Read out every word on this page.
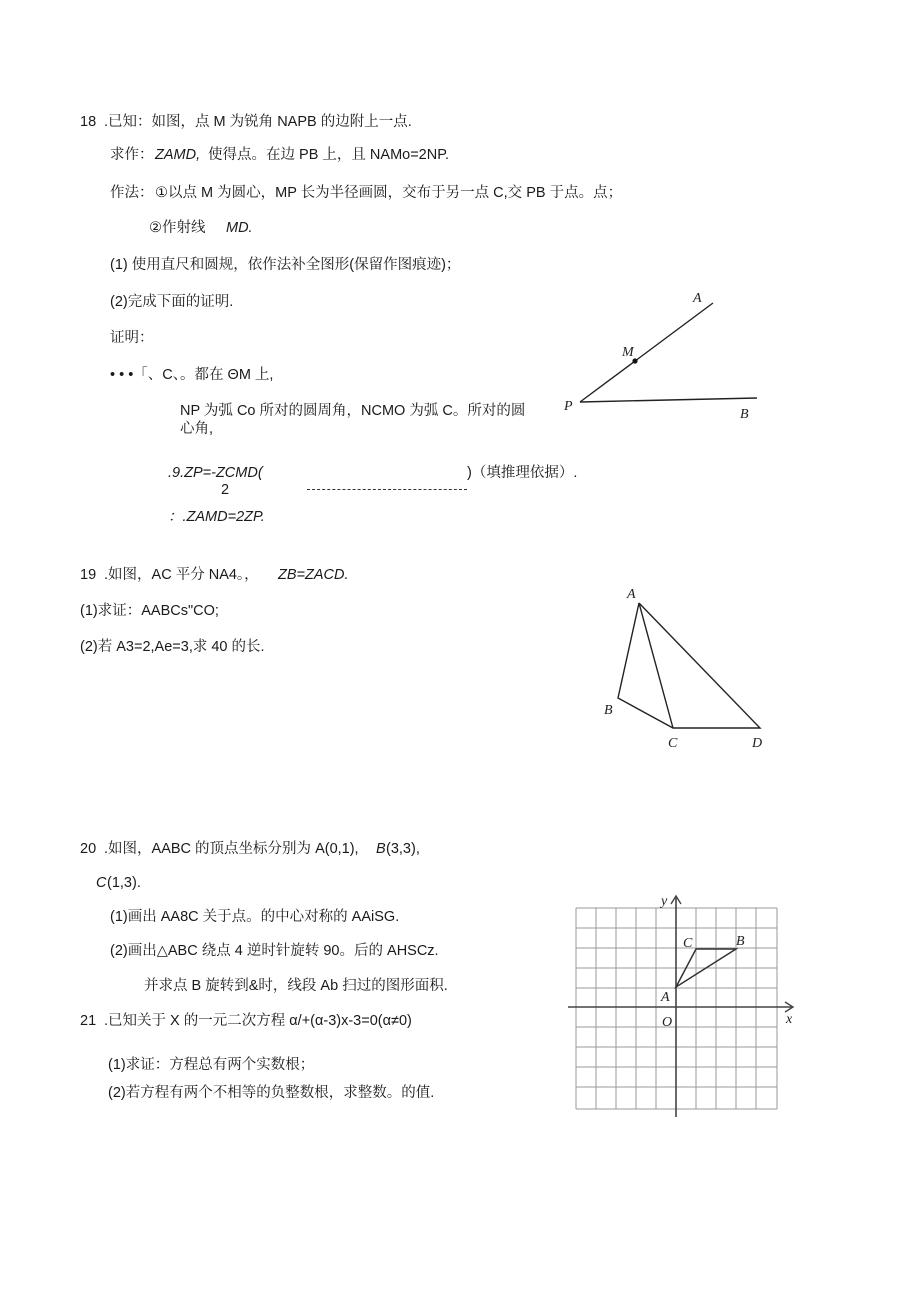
18 .已知：如图，点 M 为锐角 NAPB 的边附上一点.
求作： ZAMD, 使得点。在边 PB 上，且 NAMo=2NP.
作法： ①以点 M 为圆心，MP 长为半径画圆，交布于另一点 C,交 PB 于点。点；
②作射线 MD.
(1) 使用直尺和圆规，依作法补全图形(保留作图痕迹)；
(2)完成下面的证明.
证明：
• • •「、C、。都在 ΘM 上,
NP 为弧 Co 所对的圆周角，NCMO 为弧 C。所对的圆
心角,
.9.ZP=-ZCMD(
2
)（填推理依据）.
：.ZAMD=2ZP.
A
M
P
B
19 .如图，AC 平分 NA4。， ZB=ZACD.
(1)求证：AABCs"CO;
(2)若 A3=2,Ae=3,求 40 的长.
A
B
C	D
20 .如图，AABC 的顶点坐标分别为 A(0,1), B (3,3),
C (1,3).
(1)画出 AA8C 关于点。的中心对称的 AAiSG.
(2)画出△ABC 绕点 4 逆时针旋转 90。后的 AHSCz.
并求点 B 旋转到&时，线段 Ab 扫过的图形面积.
x
y
O
A
C	B
21 .已知关于 X 的一元二次方程 α/+(α-3)x-3=0(α≠0)
(1)求证：方程总有两个实数根；
(2)若方程有两个不相等的负整数根，求整数。的值.
